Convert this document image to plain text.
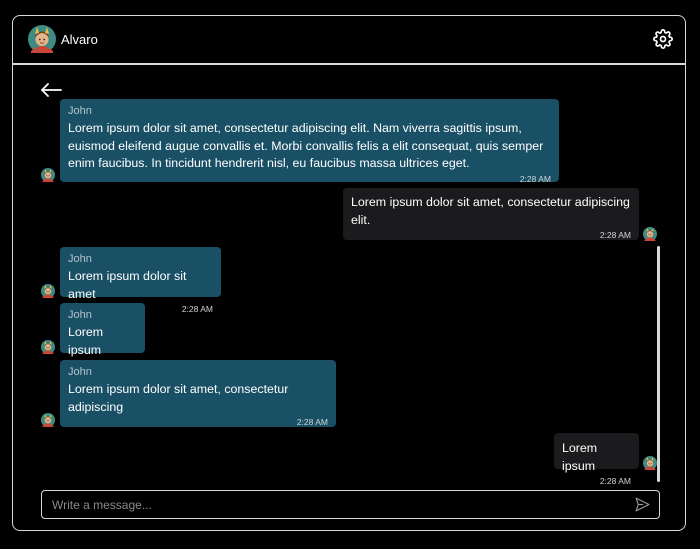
Alvaro
John
Lorem ipsum dolor sit amet, consectetur adipiscing elit. Nam viverra sagittis ipsum, euismod eleifend augue convallis et. Morbi convallis felis a elit consequat, quis semper enim faucibus. In tincidunt hendrerit nisl, eu faucibus massa ultrices eget.
2:28 AM
Lorem ipsum dolor sit amet, consectetur adipiscing elit.
2:28 AM
John
Lorem ipsum dolor sit amet
2:28 AM
John
Lorem ipsum
John
Lorem ipsum dolor sit amet, consectetur adipiscing
2:28 AM
Lorem ipsum
2:28 AM
Write a message...
